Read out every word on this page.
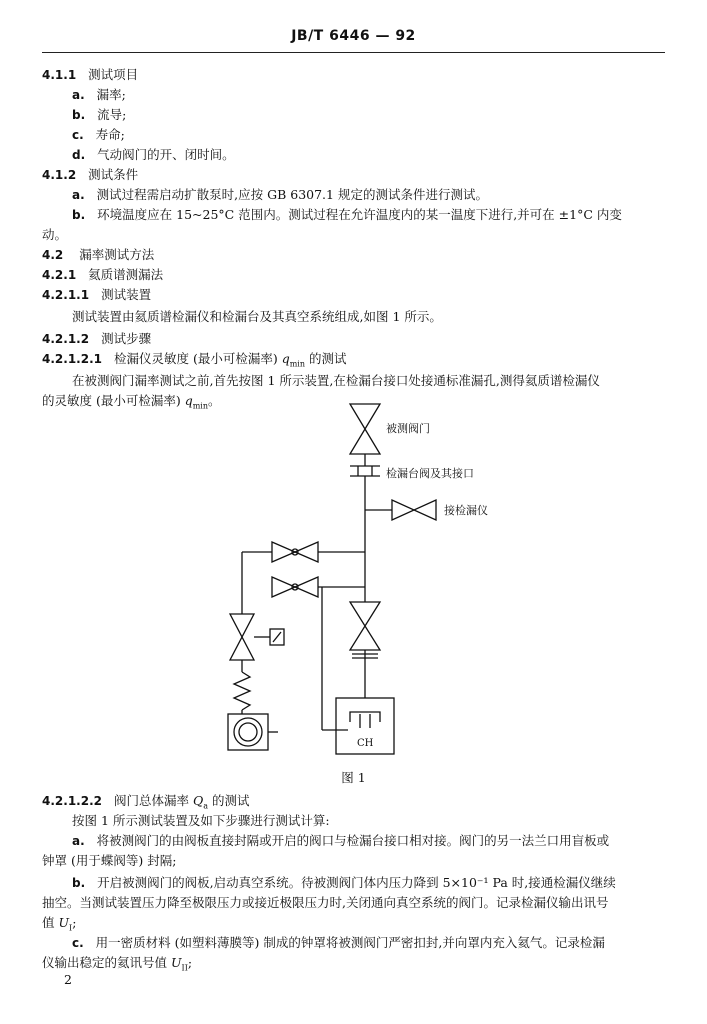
JB/T 6446 — 92
4.1.1 测试项目
a. 漏率;
b. 流导;
c. 寿命;
d. 气动阀门的开、闭时间。
4.1.2 测试条件
a. 测试过程需启动扩散泵时,应按 GB 6307.1 规定的测试条件进行测试。
b. 环境温度应在 15~25°C 范围内。测试过程在允许温度内的某一温度下进行,并可在 ±1°C 内变
动。
4.2 漏率测试方法
4.2.1 氦质谱测漏法
4.2.1.1 测试装置
测试装置由氦质谱检漏仪和检漏台及其真空系统组成,如图 1 所示。
4.2.1.2 测试步骤
4.2.1.2.1 检漏仪灵敏度 (最小可检漏率) $q_{min}$ 的测试
在被测阀门漏率测试之前,首先按图 1 所示装置,在检漏台接口处接通标准漏孔,测得氦质谱检漏仪
的灵敏度 (最小可检漏率) $q_{min}$。
被测阀门
检漏台阀及其接口
接检漏仪
CH
图 1
4.2.1.2.2 阀门总体漏率 $Q_a$ 的测试
按图 1 所示测试装置及如下步骤进行测试计算:
a. 将被测阀门的由阀板直接封隔或开启的阀口与检漏台接口相对接。阀门的另一法兰口用盲板或
钟罩 (用于蝶阀等) 封隔;
b. 开启被测阀门的阀板,启动真空系统。待被测阀门体内压力降到 5×10⁻¹ Pa 时,接通检漏仪继续
抽空。当测试装置压力降至极限压力或接近极限压力时,关闭通向真空系统的阀门。记录检漏仪输出讯号
值 $U_I$;
c. 用一密质材料 (如塑料薄膜等) 制成的钟罩将被测阀门严密扣封,并向罩内充入氦气。记录检漏
仪输出稳定的氦讯号值 $U_{II}$;
2
